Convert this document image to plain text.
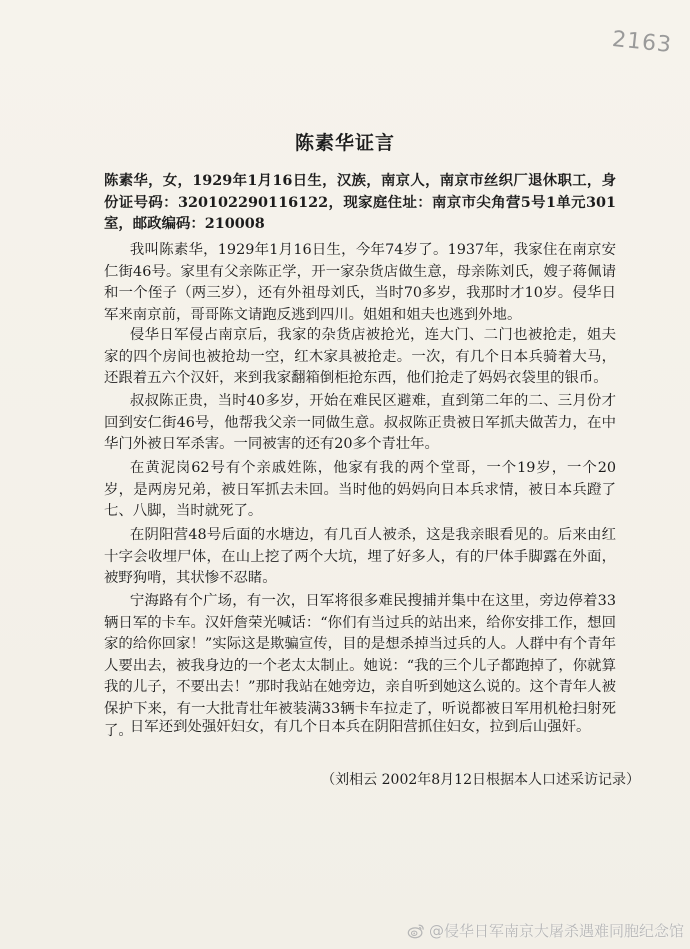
2163
陈素华证言

陈素华，女，1929年1月16日生，汉族，南京人，南京市丝织厂退休职工，身份证号码：320102290116122，现家庭住址：南京市尖角营5号1单元301室，邮政编码：210008

我叫陈素华，1929年1月16日生，今年74岁了。1937年，我家住在南京安仁街46号。家里有父亲陈正学，开一家杂货店做生意，母亲陈刘氏，嫂子蒋佩请和一个侄子（两三岁），还有外祖母刘氏，当时70多岁，我那时才10岁。侵华日军来南京前，哥哥陈文请跑反逃到四川。姐姐和姐夫也逃到外地。

侵华日军侵占南京后，我家的杂货店被抢光，连大门、二门也被抢走，姐夫家的四个房间也被抢劫一空，红木家具被抢走。一次，有几个日本兵骑着大马，还跟着五六个汉奸，来到我家翻箱倒柜抢东西，他们抢走了妈妈衣袋里的银币。

叔叔陈正贵，当时40多岁，开始在难民区避难，直到第二年的二、三月份才回到安仁街46号，他帮我父亲一同做生意。叔叔陈正贵被日军抓夫做苦力，在中华门外被日军杀害。一同被害的还有20多个青壮年。

在黄泥岗62号有个亲戚姓陈，他家有我的两个堂哥，一个19岁，一个20岁，是两房兄弟，被日军抓去未回。当时他的妈妈向日本兵求情，被日本兵蹬了七、八脚，当时就死了。

在阴阳营48号后面的水塘边，有几百人被杀，这是我亲眼看见的。后来由红十字会收埋尸体，在山上挖了两个大坑，埋了好多人，有的尸体手脚露在外面，被野狗啃，其状惨不忍睹。

宁海路有个广场，有一次，日军将很多难民搜捕并集中在这里，旁边停着33辆日军的卡车。汉奸詹荣光喊话：“你们有当过兵的站出来，给你安排工作，想回家的给你回家！”实际这是欺骗宣传，目的是想杀掉当过兵的人。人群中有个青年人要出去，被我身边的一个老太太制止。她说：“我的三个儿子都跑掉了，你就算我的儿子，不要出去！”那时我站在她旁边，亲自听到她这么说的。这个青年人被保护下来，有一大批青壮年被装满33辆卡车拉走了，听说都被日军用机枪扫射死了。

日军还到处强奸妇女，有几个日本兵在阴阳营抓住妇女，拉到后山强奸。

（刘相云 2002年8月12日根据本人口述采访记录）

@侵华日军南京大屠杀遇难同胞纪念馆
